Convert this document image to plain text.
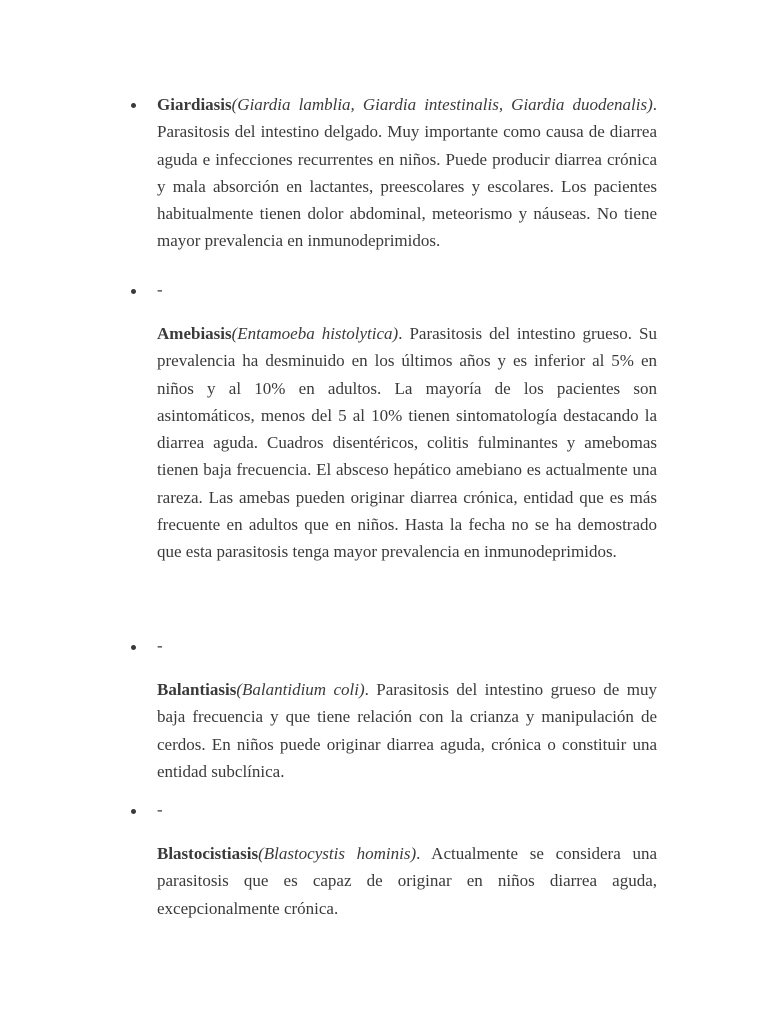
Giardiasis(Giardia lamblia, Giardia intestinalis, Giardia duodenalis). Parasitosis del intestino delgado. Muy importante como causa de diarrea aguda e infecciones recurrentes en niños. Puede producir diarrea crónica y mala absorción en lactantes, preescolares y escolares. Los pacientes habitualmente tienen dolor abdominal, meteorismo y náuseas. No tiene mayor prevalencia en inmunodeprimidos.
-
Amebiasis(Entamoeba histolytica). Parasitosis del intestino grueso. Su prevalencia ha desminuido en los últimos años y es inferior al 5% en niños y al 10% en adultos. La mayoría de los pacientes son asintomáticos, menos del 5 al 10% tienen sintomatología destacando la diarrea aguda. Cuadros disentéricos, colitis fulminantes y amebomas tienen baja frecuencia. El absceso hepático amebiano es actualmente una rareza. Las amebas pueden originar diarrea crónica, entidad que es más frecuente en adultos que en niños. Hasta la fecha no se ha demostrado que esta parasitosis tenga mayor prevalencia en inmunodeprimidos.
-
Balantiasis(Balantidium coli). Parasitosis del intestino grueso de muy baja frecuencia y que tiene relación con la crianza y manipulación de cerdos. En niños puede originar diarrea aguda, crónica o constituir una entidad subclínica.
-
Blastocistiasis(Blastocystis hominis). Actualmente se considera una parasitosis que es capaz de originar en niños diarrea aguda, excepcionalmente crónica.
